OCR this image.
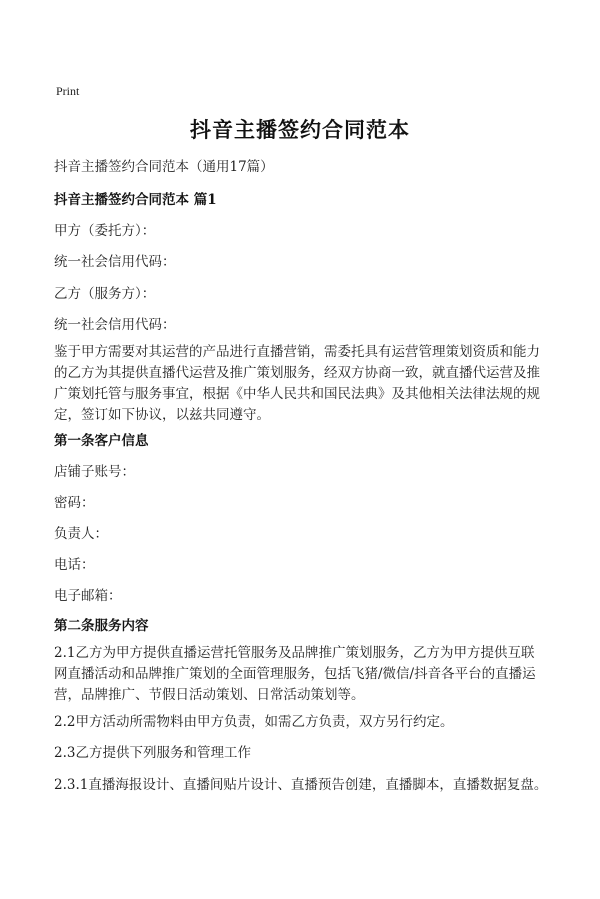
Print
抖音主播签约合同范本
抖音主播签约合同范本（通用17篇）
抖音主播签约合同范本 篇1
甲方（委托方）：
统一社会信用代码：
乙方（服务方）：
统一社会信用代码：
鉴于甲方需要对其运营的产品进行直播营销，需委托具有运营管理策划资质和能力
的乙方为其提供直播代运营及推广策划服务，经双方协商一致，就直播代运营及推
广策划托管与服务事宜，根据《中华人民共和国民法典》及其他相关法律法规的规
定，签订如下协议，以兹共同遵守。
第一条客户信息
店铺子账号：
密码：
负责人：
电话：
电子邮箱：
第二条服务内容
2.1乙方为甲方提供直播运营托管服务及品牌推广策划服务，乙方为甲方提供互联
网直播活动和品牌推广策划的全面管理服务，包括飞猪/微信/抖音各平台的直播运
营，品牌推广、节假日活动策划、日常活动策划等。
2.2甲方活动所需物料由甲方负责，如需乙方负责，双方另行约定。
2.3乙方提供下列服务和管理工作
2.3.1直播海报设计、直播间贴片设计、直播预告创建，直播脚本，直播数据复盘。
